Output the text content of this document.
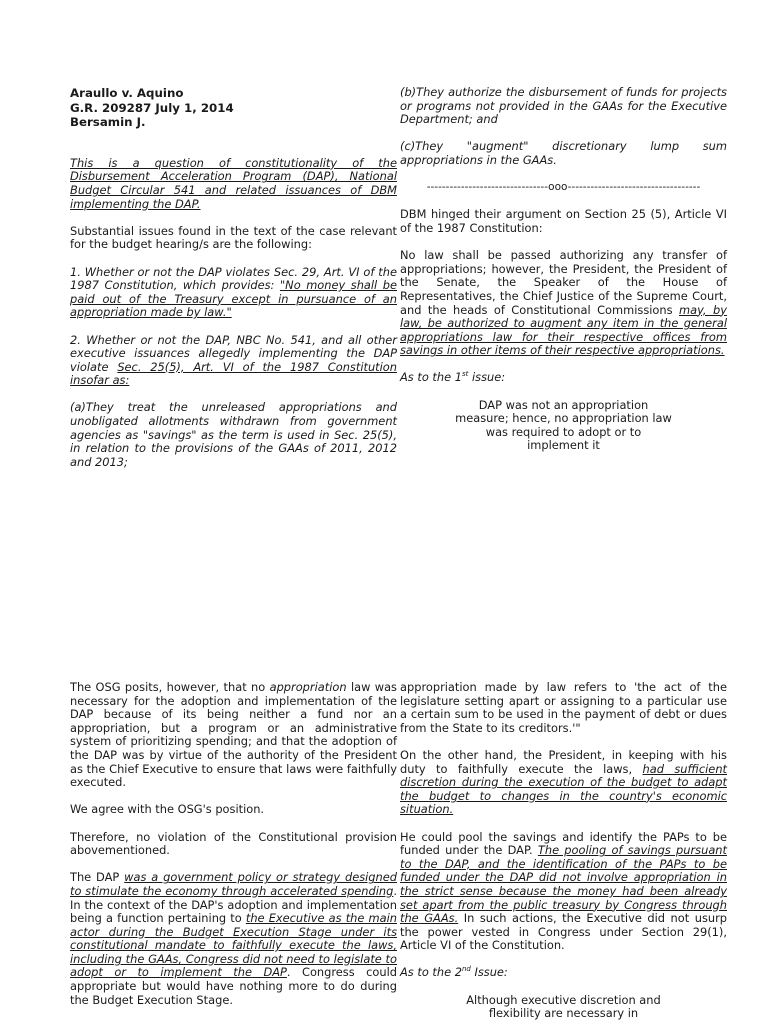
Araullo v. Aquino

G.R. 209287 July 1, 2014

Bersamin J.

This is a question of constitutionality of the Disbursement Acceleration Program (DAP), National Budget Circular 541 and related issuances of DBM implementing the DAP.

Substantial issues found in the text of the case relevant for the budget hearing/s are the following:

1. Whether or not the DAP violates Sec. 29, Art. VI of the 1987 Constitution, which provides: "No money shall be paid out of the Treasury except in pursuance of an appropriation made by law."

2. Whether or not the DAP, NBC No. 541, and all other executive issuances allegedly implementing the DAP violate Sec. 25(5), Art. VI of the 1987 Constitution insofar as:

(a)They treat the unreleased appropriations and unobligated allotments withdrawn from government agencies as "savings" as the term is used in Sec. 25(5), in relation to the provisions of the GAAs of 2011, 2012 and 2013;

(b)They authorize the disbursement of funds for projects or programs not provided in the GAAs for the Executive Department; and

(c)They "augment" discretionary lump sum appropriations in the GAAs.

--------------------------------ooo-----------------------------------

DBM hinged their argument on Section 25 (5), Article VI of the 1987 Constitution:

No law shall be passed authorizing any transfer of appropriations; however, the President, the President of the Senate, the Speaker of the House of Representatives, the Chief Justice of the Supreme Court, and the heads of Constitutional Commissions may, by law, be authorized to augment any item in the general appropriations law for their respective offices from savings in other items of their respective appropriations.

As to the 1st issue:

DAP was not an appropriation measure; hence, no appropriation law was required to adopt or to implement it

The OSG posits, however, that no appropriation law was necessary for the adoption and implementation of the DAP because of its being neither a fund nor an appropriation, but a program or an administrative system of prioritizing spending; and that the adoption of the DAP was by virtue of the authority of the President as the Chief Executive to ensure that laws were faithfully executed.

We agree with the OSG's position.

Therefore, no violation of the Constitutional provision abovementioned.

The DAP was a government policy or strategy designed to stimulate the economy through accelerated spending. In the context of the DAP's adoption and implementation being a function pertaining to the Executive as the main actor during the Budget Execution Stage under its constitutional mandate to faithfully execute the laws, including the GAAs, Congress did not need to legislate to adopt or to implement the DAP. Congress could appropriate but would have nothing more to do during the Budget Execution Stage.

appropriation made by law refers to 'the act of the legislature setting apart or assigning to a particular use a certain sum to be used in the payment of debt or dues from the State to its creditors.'"

On the other hand, the President, in keeping with his duty to faithfully execute the laws, had sufficient discretion during the execution of the budget to adapt the budget to changes in the country's economic situation.

He could pool the savings and identify the PAPs to be funded under the DAP. The pooling of savings pursuant to the DAP, and the identification of the PAPs to be funded under the DAP did not involve appropriation in the strict sense because the money had been already set apart from the public treasury by Congress through the GAAs. In such actions, the Executive did not usurp the power vested in Congress under Section 29(1), Article VI of the Constitution.

As to the 2nd Issue:

Although executive discretion and flexibility are necessary in
